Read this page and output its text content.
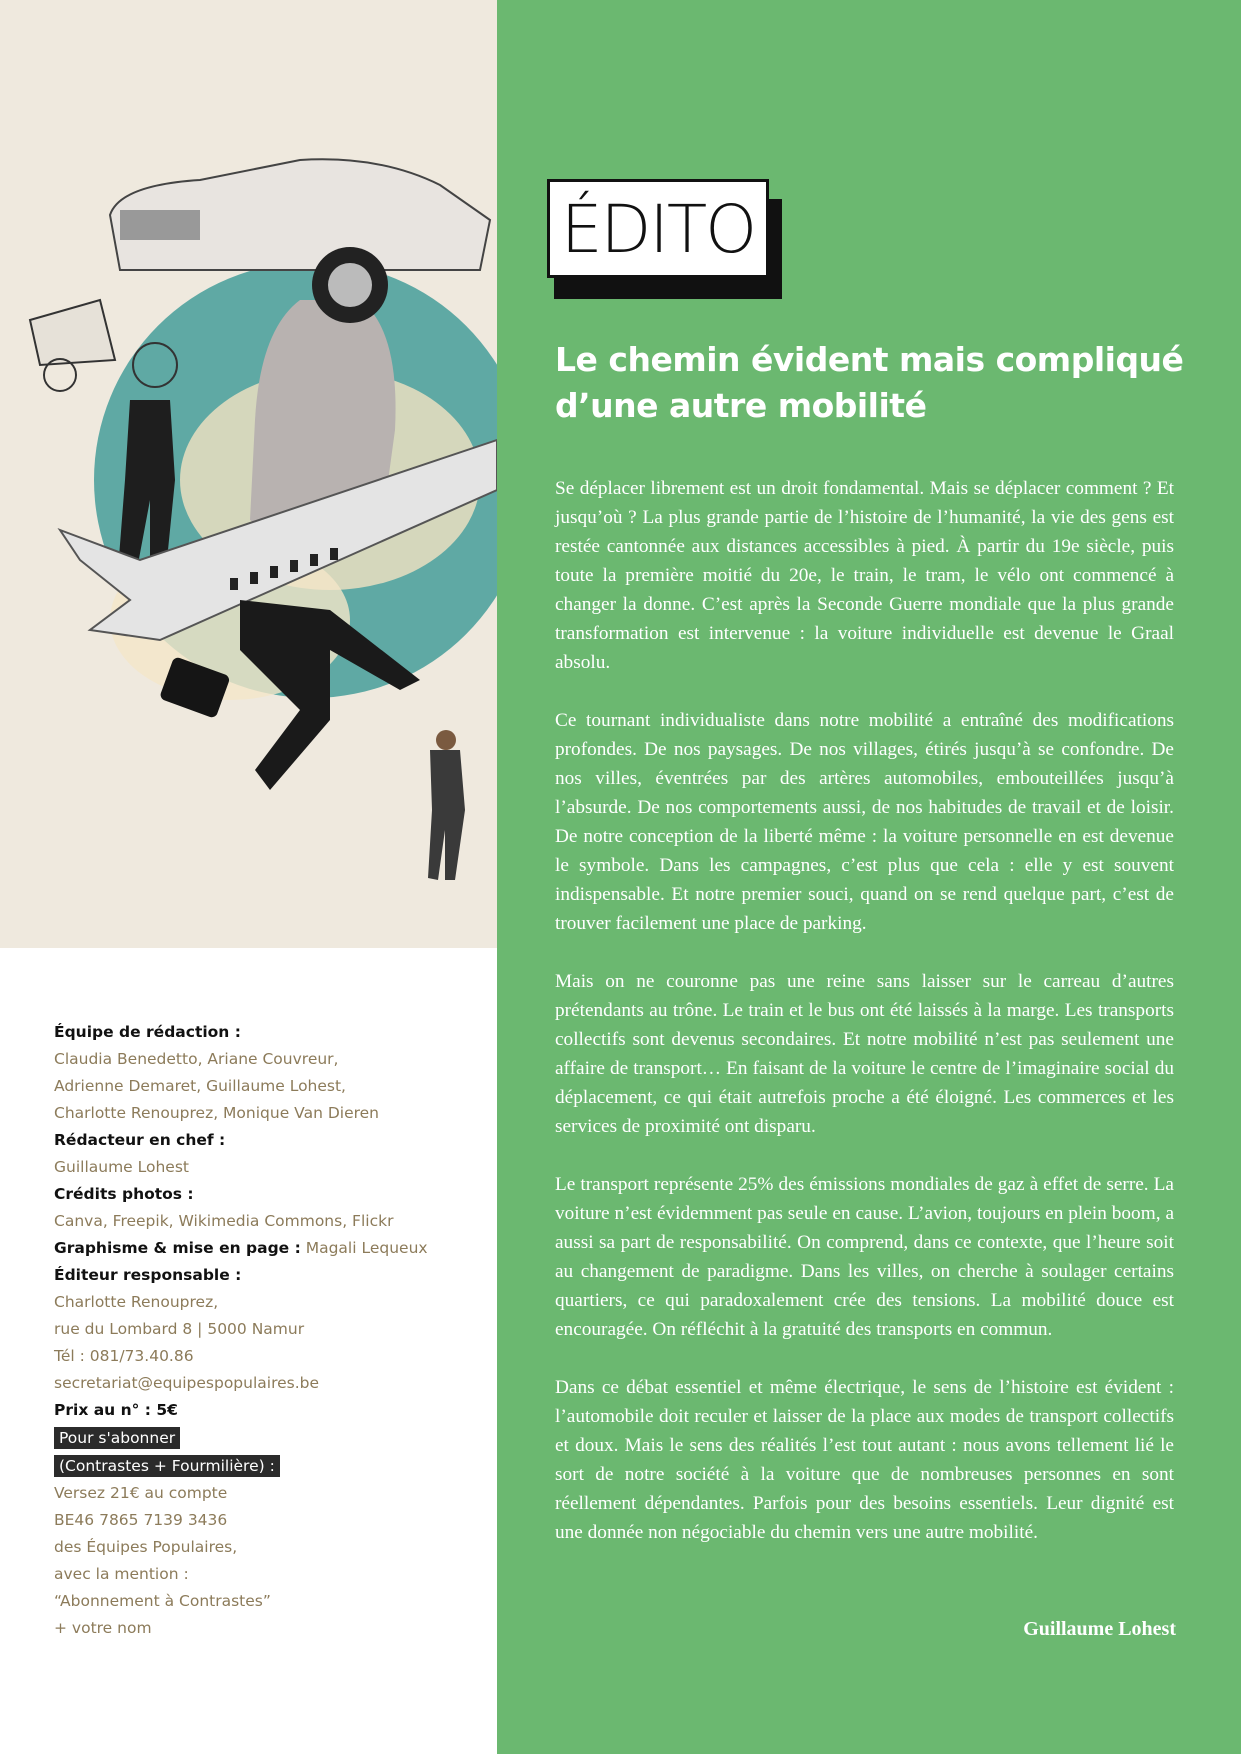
Équipe de rédaction :
Claudia Benedetto, Ariane Couvreur,
Adrienne Demaret, Guillaume Lohest,
Charlotte Renouprez, Monique Van Dieren
Rédacteur en chef :
Guillaume Lohest
Crédits photos :
Canva, Freepik, Wikimedia Commons, Flickr
Graphisme & mise en page : Magali Lequeux
Éditeur responsable :
Charlotte Renouprez,
rue du Lombard 8 | 5000 Namur
Tél : 081/73.40.86
secretariat@equipespopulaires.be
Prix au n° : 5€
Pour s'abonner
(Contrastes + Fourmilière) :
Versez 21€ au compte
BE46 7865 7139 3436
des Équipes Populaires,
avec la mention :
“Abonnement à Contrastes”
+ votre nom
ÉDITO
Le chemin évident mais compliqué
d’une autre mobilité

Se déplacer librement est un droit fondamental. Mais se déplacer comment ? Et jusqu’où ? La plus grande partie de l’histoire de l’humanité, la vie des gens est restée cantonnée aux distances accessibles à pied. À partir du 19e siècle, puis toute la première moitié du 20e, le train, le tram, le vélo ont commencé à changer la donne. C’est après la Seconde Guerre mondiale que la plus grande transformation est intervenue : la voiture individuelle est devenue le Graal absolu.

Ce tournant individualiste dans notre mobilité a entraîné des modifications profondes. De nos paysages. De nos villages, étirés jusqu’à se confondre. De nos villes, éventrées par des artères automobiles, embouteillées jusqu’à l’absurde. De nos comportements aussi, de nos habitudes de travail et de loisir. De notre conception de la liberté même : la voiture personnelle en est devenue le symbole. Dans les campagnes, c’est plus que cela : elle y est souvent indispensable. Et notre premier souci, quand on se rend quelque part, c’est de trouver facilement une place de parking.

Mais on ne couronne pas une reine sans laisser sur le carreau d’autres prétendants au trône. Le train et le bus ont été laissés à la marge. Les transports collectifs sont devenus secondaires. Et notre mobilité n’est pas seulement une affaire de transport… En faisant de la voiture le centre de l’imaginaire social du déplacement, ce qui était autrefois proche a été éloigné. Les commerces et les services de proximité ont disparu.

Le transport représente 25% des émissions mondiales de gaz à effet de serre. La voiture n’est évidemment pas seule en cause. L’avion, toujours en plein boom, a aussi sa part de responsabilité. On comprend, dans ce contexte, que l’heure soit au changement de paradigme. Dans les villes, on cherche à soulager certains quartiers, ce qui paradoxalement crée des tensions. La mobilité douce est encouragée. On réfléchit à la gratuité des transports en commun.

Dans ce débat essentiel et même électrique, le sens de l’histoire est évident : l’automobile doit reculer et laisser de la place aux modes de transport collectifs et doux. Mais le sens des réalités l’est tout autant : nous avons tellement lié le sort de notre société à la voiture que de nombreuses personnes en sont réellement dépendantes. Parfois pour des besoins essentiels. Leur dignité est une donnée non négociable du chemin vers une autre mobilité.

Guillaume Lohest
